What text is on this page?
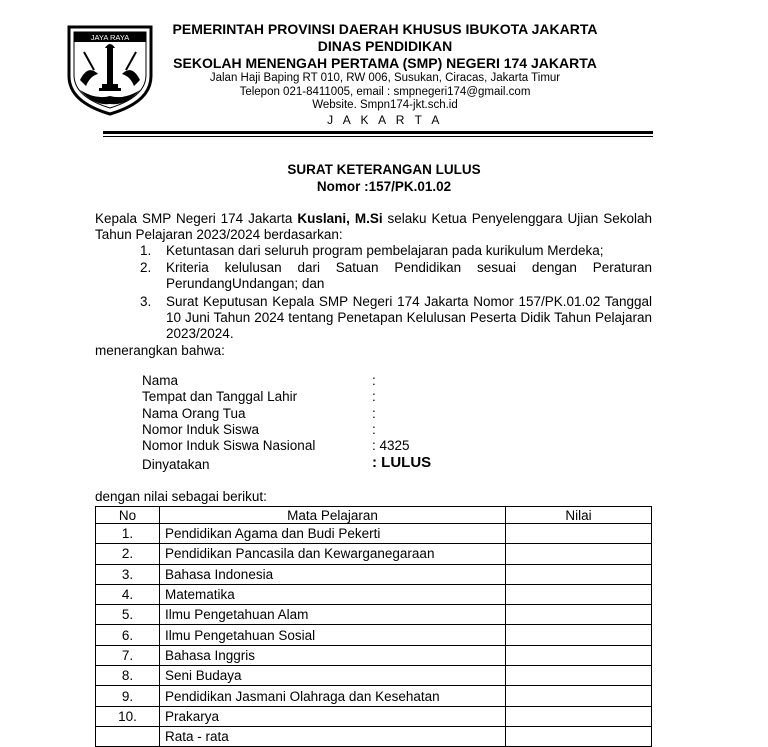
JAYA RAYA
PEMERINTAH PROVINSI DAERAH KHUSUS IBUKOTA JAKARTA
DINAS PENDIDIKAN
SEKOLAH MENENGAH PERTAMA (SMP) NEGERI 174 JAKARTA
Jalan Haji Baping RT 010, RW 006, Susukan, Ciracas, Jakarta Timur
Telepon 021-8411005, email : smpnegeri174@gmail.com
Website. Smpn174-jkt.sch.id
J A K A R T A
SURAT KETERANGAN LULUS
Nomor :157/PK.01.02
Kepala SMP Negeri 174 Jakarta Kuslani, M.Si selaku Ketua Penyelenggara Ujian Sekolah Tahun Pelajaran 2023/2024 berdasarkan:
1. Ketuntasan dari seluruh program pembelajaran pada kurikulum Merdeka;
2. Kriteria kelulusan dari Satuan Pendidikan sesuai dengan Peraturan PerundangUndangan; dan
3. Surat Keputusan Kepala SMP Negeri 174 Jakarta Nomor 157/PK.01.02 Tanggal 10 Juni Tahun 2024 tentang Penetapan Kelulusan Peserta Didik Tahun Pelajaran 2023/2024.
menerangkan bahwa:
Nama	:
Tempat dan Tanggal Lahir	:
Nama Orang Tua	:
Nomor Induk Siswa	:
Nomor Induk Siswa Nasional	: 4325
Dinyatakan	: LULUS
dengan nilai sebagai berikut:
No	Mata Pelajaran	Nilai
1.	Pendidikan Agama dan Budi Pekerti	
2.	Pendidikan Pancasila dan Kewarganegaraan	
3.	Bahasa Indonesia	
4.	Matematika	
5.	Ilmu Pengetahuan Alam	
6.	Ilmu Pengetahuan Sosial	
7.	Bahasa Inggris	
8.	Seni Budaya	
9.	Pendidikan Jasmani Olahraga dan Kesehatan	
10.	Prakarya	
	Rata - rata	
